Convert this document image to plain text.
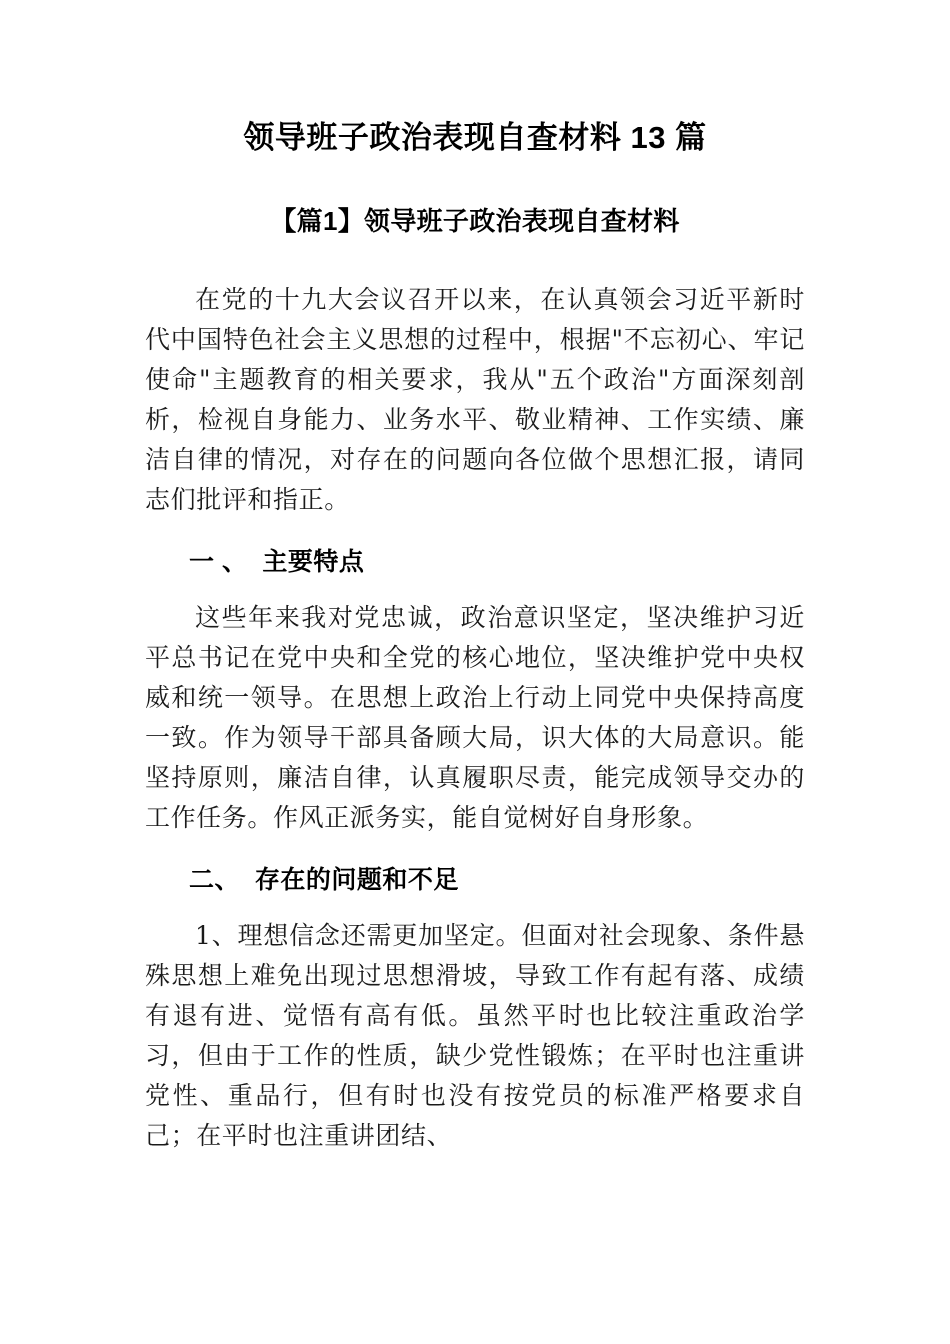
领导班子政治表现自查材料 13 篇
【篇1】领导班子政治表现自查材料

在党的十九大会议召开以来，在认真领会习近平新时代中国特色社会主义思想的过程中，根据"不忘初心、牢记使命"主题教育的相关要求，我从"五个政治"方面深刻剖析，检视自身能力、业务水平、敬业精神、工作实绩、廉洁自律的情况，对存在的问题向各位做个思想汇报，请同志们批评和指正。

一 、  主要特点

这些年来我对党忠诚，政治意识坚定，坚决维护习近平总书记在党中央和全党的核心地位，坚决维护党中央权威和统一领导。在思想上政治上行动上同党中央保持高度一致。作为领导干部具备顾大局，识大体的大局意识。能坚持原则，廉洁自律，认真履职尽责，能完成领导交办的工作任务。作风正派务实，能自觉树好自身形象。

二、  存在的问题和不足

1、理想信念还需更加坚定。但面对社会现象、条件悬殊思想上难免出现过思想滑坡，导致工作有起有落、成绩有退有进、觉悟有高有低。虽然平时也比较注重政治学习，但由于工作的性质，缺少党性锻炼；在平时也注重讲党性、重品行，但有时也没有按党员的标准严格要求自己；在平时也注重讲团结、
